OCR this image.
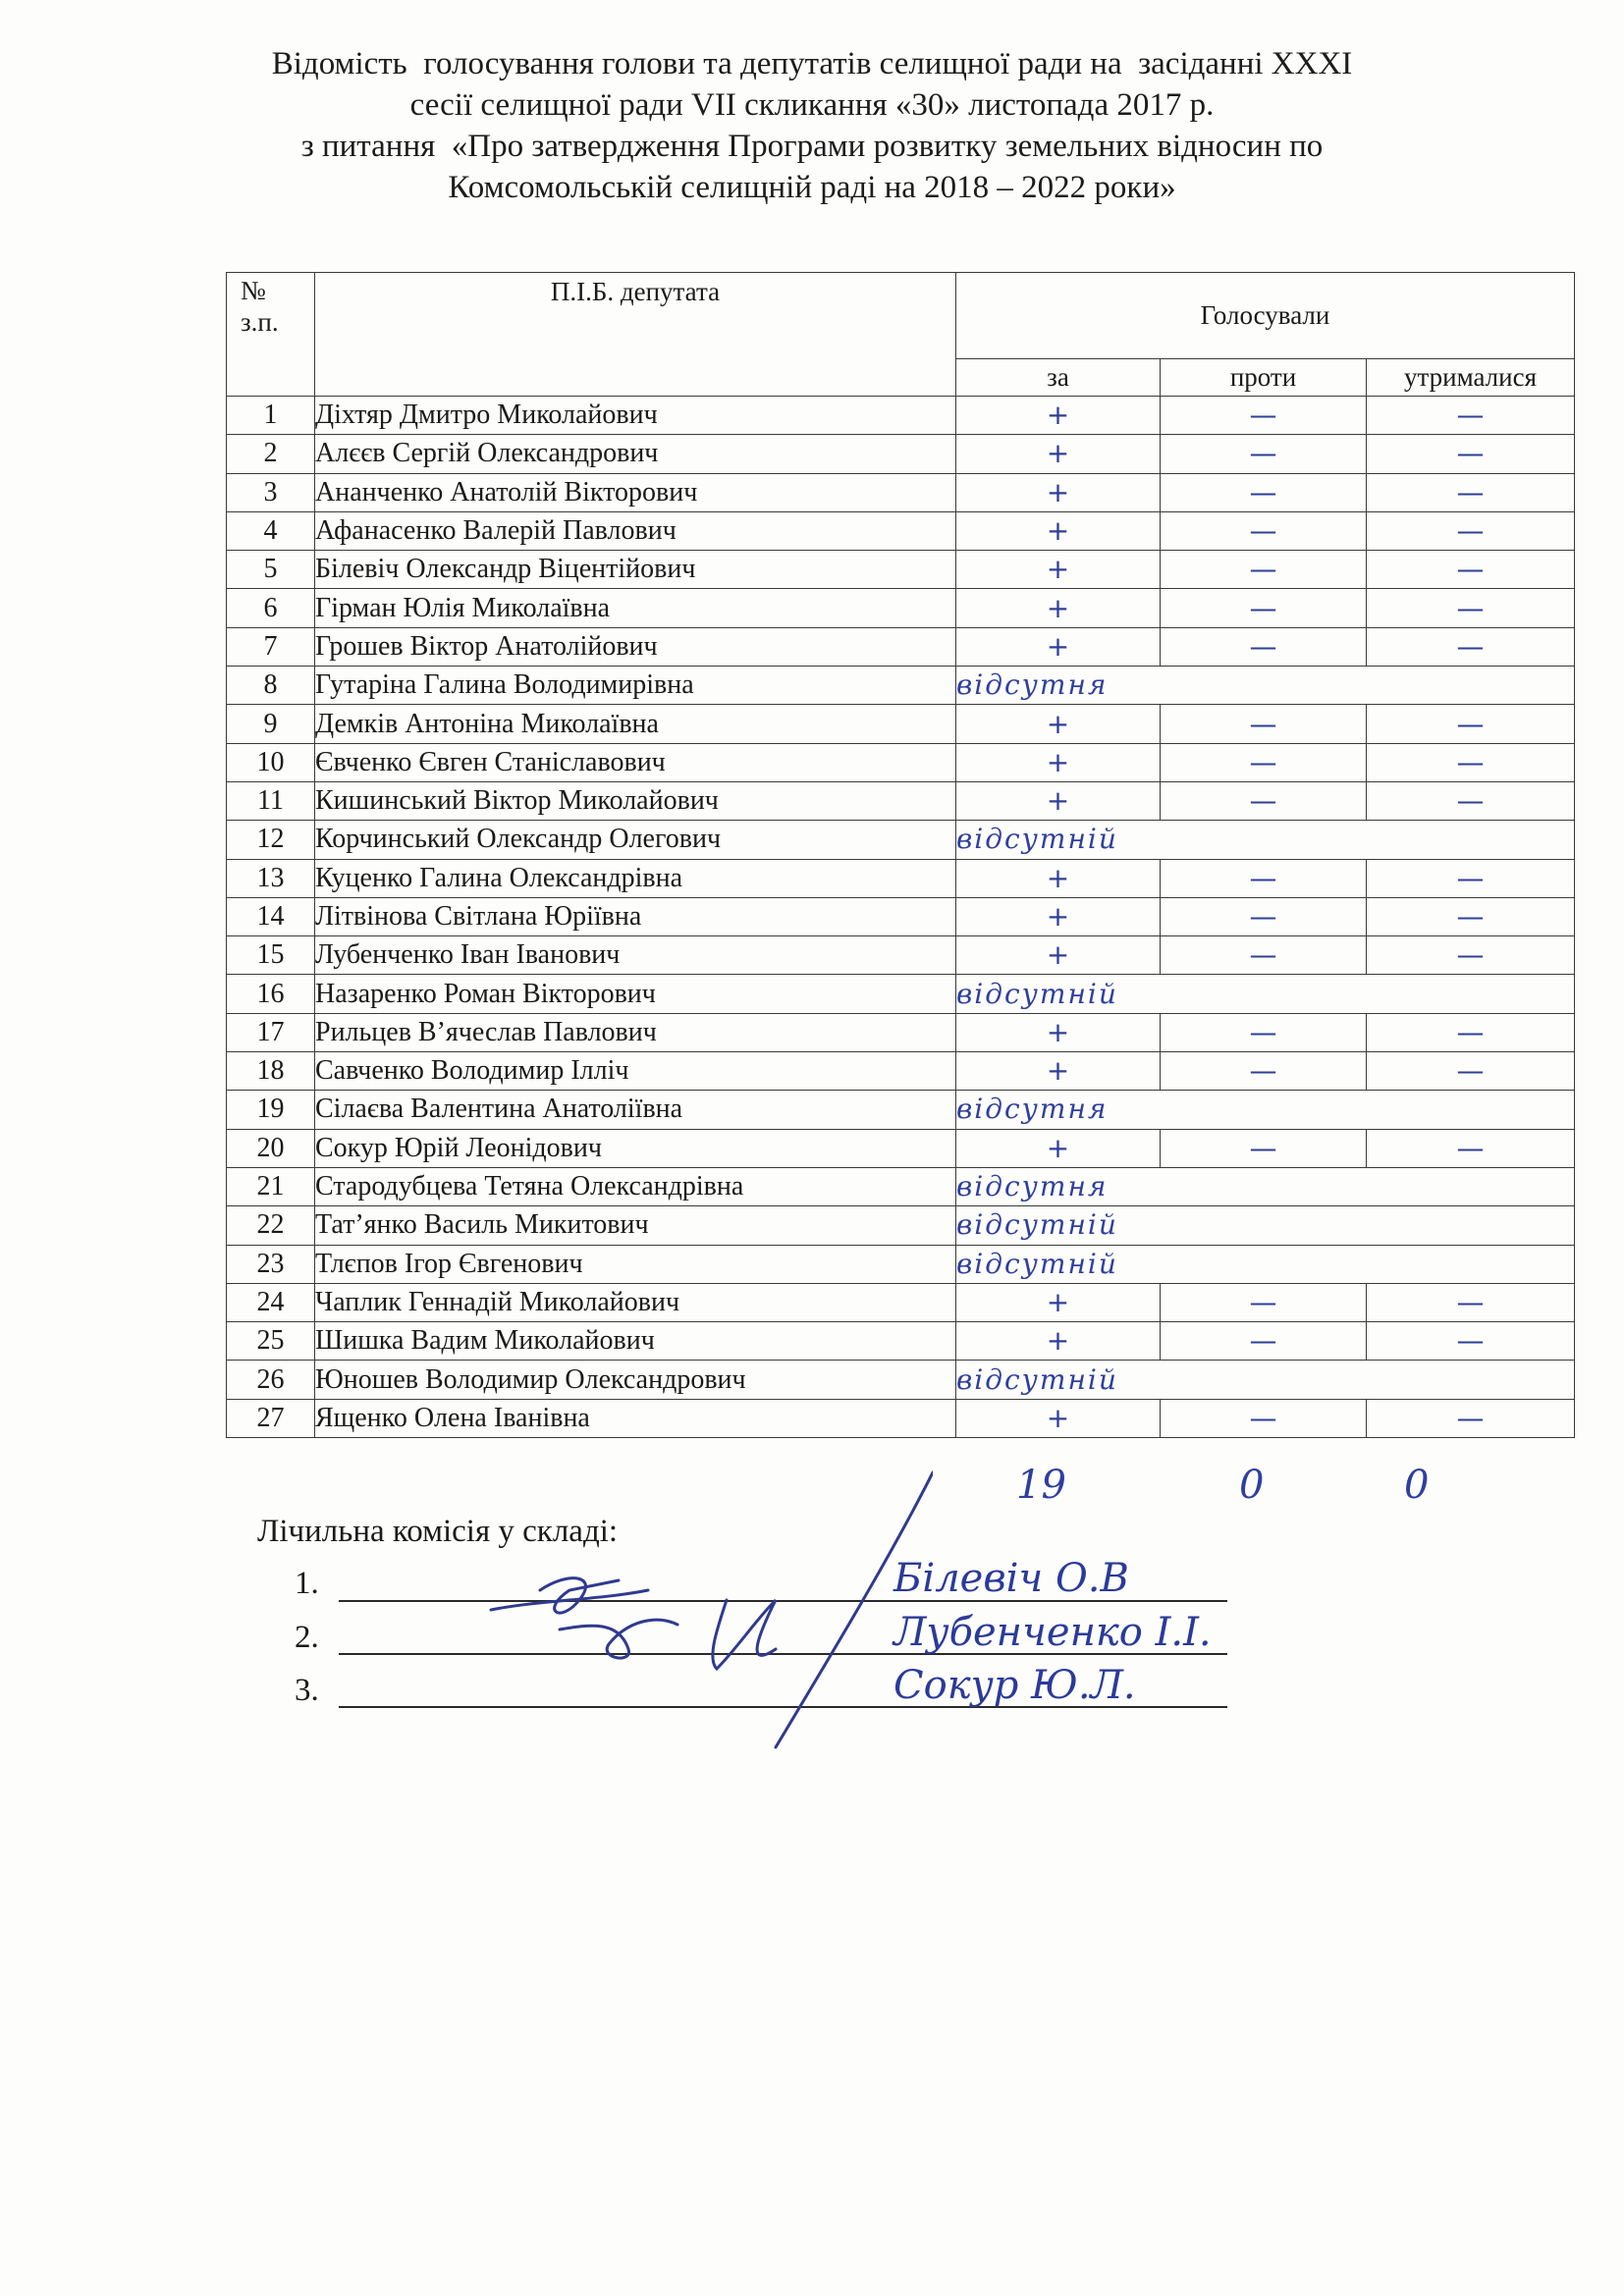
Відомість  голосування голови та депутатів селищної ради на  засіданні XXXI
сесії селищної ради VII скликання «30» листопада 2017 р.
з питання  «Про затвердження Програми розвитку земельних відносин по
Комсомольській селищній раді на 2018 – 2022 роки»
№
з.п.	П.І.Б. депутата	Голосували		
		за	проти	утрималися
1	Діхтяр Дмитро Миколайович	+	—	—
2	Алєєв Сергій Олександрович	+	—	—
3	Ананченко Анатолій Вікторович	+	—	—
4	Афанасенко Валерій Павлович	+	—	—
5	Білевіч Олександр Віцентійович	+	—	—
6	Гірман Юлія Миколаївна	+	—	—
7	Грошев Віктор Анатолійович	+	—	—
8	Гутаріна Галина Володимирівна	відсутня		
9	Демків Антоніна Миколаївна	+	—	—
10	Євченко Євген Станіславович	+	—	—
11	Кишинський Віктор Миколайович	+	—	—
12	Корчинський Олександр Олегович	відсутній		
13	Куценко Галина Олександрівна	+	—	—
14	Літвінова Світлана Юріївна	+	—	—
15	Лубенченко Іван Іванович	+	—	—
16	Назаренко Роман Вікторович	відсутній		
17	Рильцев В’ячеслав Павлович	+	—	—
18	Савченко Володимир Ілліч	+	—	—
19	Сілаєва Валентина Анатоліївна	відсутня		
20	Сокур Юрій Леонідович	+	—	—
21	Стародубцева Тетяна Олександрівна	відсутня		
22	Тат’янко Василь Микитович	відсутній		
23	Тлєпов Ігор Євгенович	відсутній		
24	Чаплик Геннадій Миколайович	+	—	—
25	Шишка Вадим Миколайович	+	—	—
26	Юношев Володимир Олександрович	відсутній		
27	Ященко Олена Іванівна	+	—	—
19	0	0
Лічильна комісія у складі:
1.
2.
3.
Білевіч О.В
Лубенченко І.І.
Сокур Ю.Л.
